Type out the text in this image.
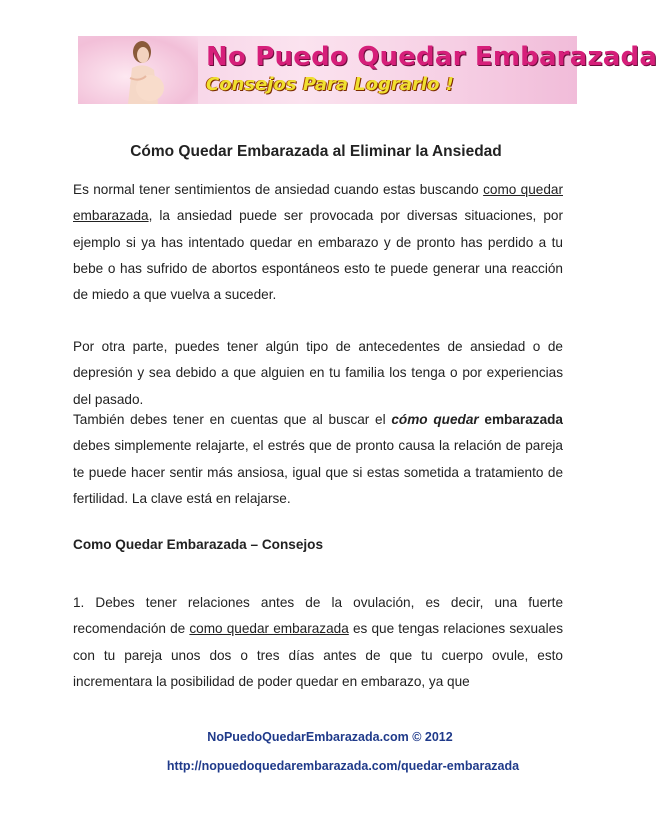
No Puedo Quedar Embarazada
Consejos Para Lograrlo !
Cómo Quedar Embarazada al Eliminar la Ansiedad
Es normal tener sentimientos de ansiedad cuando estas buscando como quedar embarazada, la ansiedad puede ser provocada por diversas situaciones, por ejemplo si ya has intentado quedar en embarazo y de pronto has perdido a tu bebe o has sufrido de abortos espontáneos esto te puede generar una reacción de miedo a que vuelva a suceder.
Por otra parte, puedes tener algún tipo de antecedentes de ansiedad o de depresión y sea debido a que alguien en tu familia los tenga o por experiencias del pasado.
También debes tener en cuentas que al buscar el cómo quedar embarazada debes simplemente relajarte, el estrés que de pronto causa la relación de pareja te puede hacer sentir más ansiosa, igual que si estas sometida a tratamiento de fertilidad. La clave está en relajarse.
Como Quedar Embarazada – Consejos
1. Debes tener relaciones antes de la ovulación, es decir, una fuerte recomendación de como quedar embarazada es que tengas relaciones sexuales con tu pareja unos dos o tres días antes de que tu cuerpo ovule, esto incrementara la posibilidad de poder quedar en embarazo, ya que
NoPuedoQuedarEmbarazada.com © 2012
http://nopuedoquedarembarazada.com/quedar-embarazada
